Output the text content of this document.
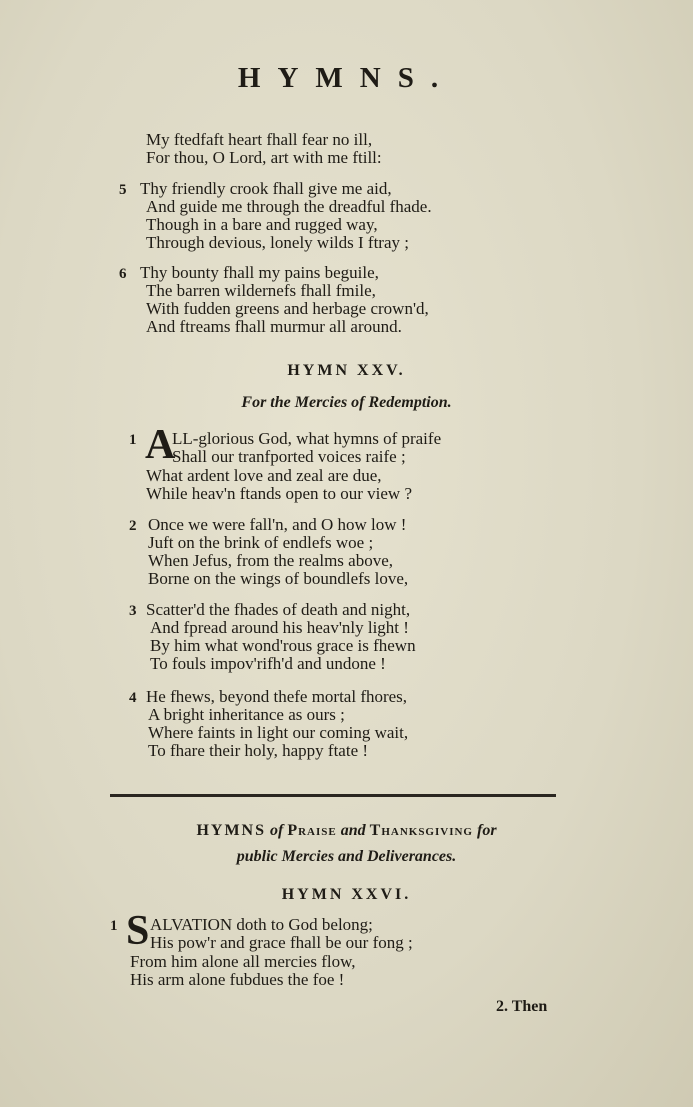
HYMNS.
My ftedfaft heart fhall fear no ill,
For thou, O Lord, art with me ftill:
5 Thy friendly crook fhall give me aid,
And guide me through the dreadful fhade.
Though in a bare and rugged way,
Through devious, lonely wilds I ftray ;
6 Thy bounty fhall my pains beguile,
The barren wildernefs fhall fmile,
With fudden greens and herbage crown'd,
And ftreams fhall murmur all around.
HYMN XXV.
For the Mercies of Redemption.
1 A
LL-glorious God, what hymns of praife
Shall our tranfported voices raife ;
What ardent love and zeal are due,
While heav'n ftands open to our view ?
2 Once we were fall'n, and O how low !
Juft on the brink of endlefs woe ;
When Jefus, from the realms above,
Borne on the wings of boundlefs love,
3 Scatter'd the fhades of death and night,
And fpread around his heav'nly light !
By him what wond'rous grace is fhewn
To fouls impov'rifh'd and undone !
4 He fhews, beyond thefe mortal fhores,
A bright inheritance as ours ;
Where faints in light our coming wait,
To fhare their holy, happy ftate !
HYMNS of Praise and Thanksgiving for
public Mercies and Deliverances.
HYMN XXVI.
1 S ALVATION doth to God belong;
His pow'r and grace fhall be our fong ;
From him alone all mercies flow,
His arm alone fubdues the foe !
2. Then
